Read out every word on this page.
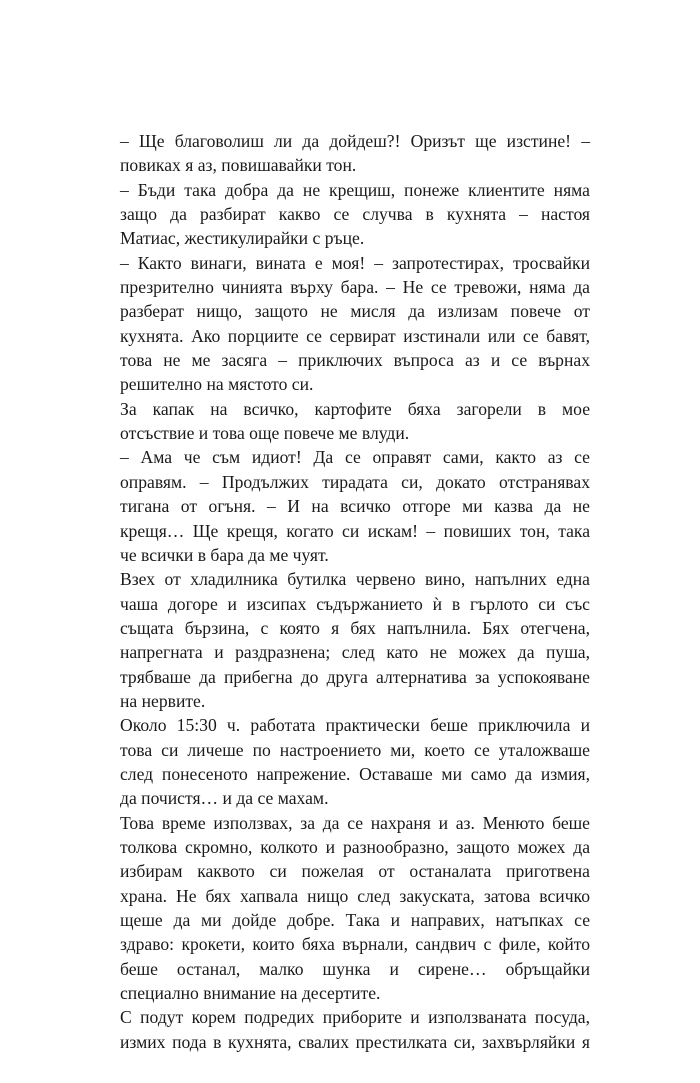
– Ще благоволиш ли да дойдеш?! Оризът ще изстине! –
повиках я аз, повишавайки тон.
– Бъди така добра да не крещиш, понеже клиентите няма
защо да разбират какво се случва в кухнята – настоя
Матиас, жестикулирайки с ръце.
– Както винаги, вината е моя! – запротестирах, тросвайки
презрително чинията върху бара. – Не се тревожи, няма да
разберат нищо, защото не мисля да излизам повече от
кухнята. Ако порциите се сервират изстинали или се бавят,
това не ме засяга – приключих въпроса аз и се върнах
решително на мястото си.
За капак на всичко, картофите бяха загорели в мое
отсъствие и това още повече ме влуди.
– Ама че съм идиот! Да се оправят сами, както аз се
оправям. – Продължих тирадата си, докато отстранявах
тигана от огъня. – И на всичко отгоре ми казва да не
крещя… Ще крещя, когато си искам! – повиших тон, така
че всички в бара да ме чуят.
Взех от хладилника бутилка червено вино, напълних една
чаша догоре и изсипах съдържанието ѝ в гърлото си със
същата бързина, с която я бях напълнила. Бях отегчена,
напрегната и раздразнена; след като не можех да пуша,
трябваше да прибегна до друга алтернатива за успокояване
на нервите.
Около 15:30 ч. работата практически беше приключила и
това си личеше по настроението ми, което се уталожваше
след понесеното напрежение. Оставаше ми само да измия,
да почистя… и да се махам.
Това време използвах, за да се нахраня и аз. Менюто беше
толкова скромно, колкото и разнообразно, защото можех да
избирам каквото си пожелая от останалата приготвена
храна. Не бях хапвала нищо след закуската, затова всичко
щеше да ми дойде добре. Така и направих, натъпках се
здраво: крокети, които бяха върнали, сандвич с филе, който
беше останал, малко шунка и сирене… обръщайки
специално внимание на десертите.
С подут корем подредих приборите и използваната посуда,
измих пода в кухнята, свалих престилката си, захвърляйки я
